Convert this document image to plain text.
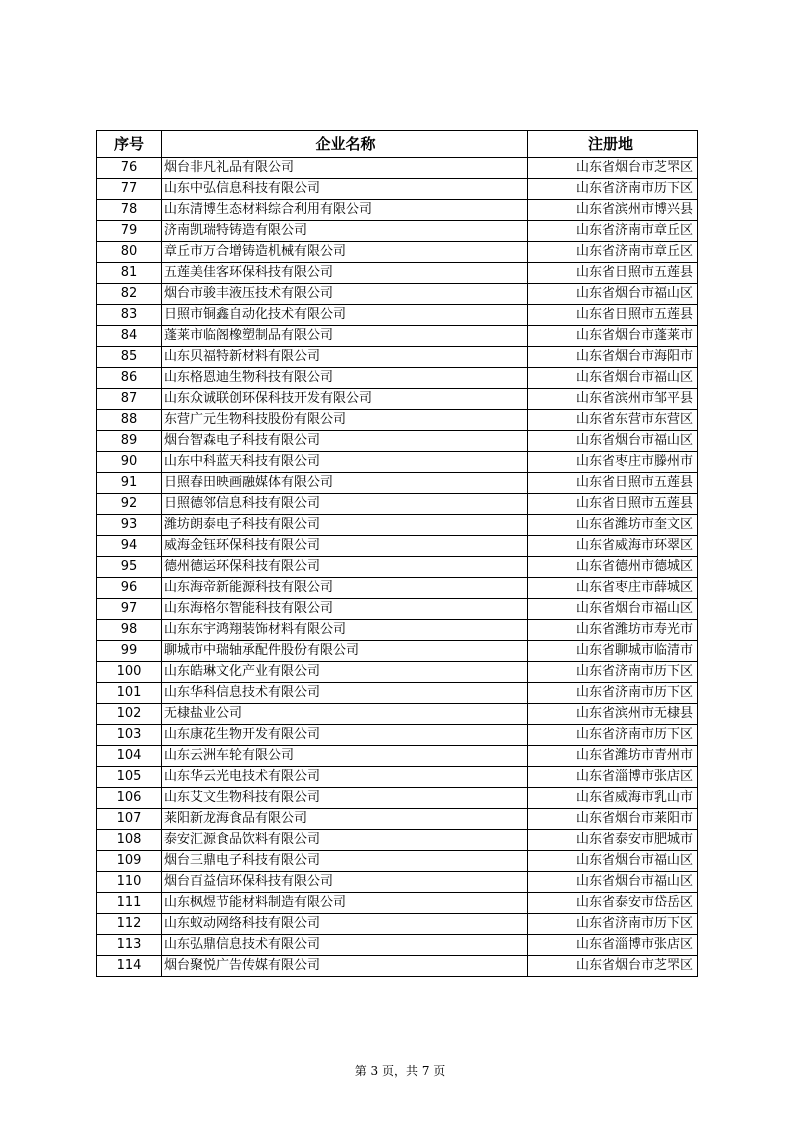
序号	企业名称	注册地
76	烟台非凡礼品有限公司	山东省烟台市芝罘区
77	山东中弘信息科技有限公司	山东省济南市历下区
78	山东清博生态材料综合利用有限公司	山东省滨州市博兴县
79	济南凯瑞特铸造有限公司	山东省济南市章丘区
80	章丘市万合增铸造机械有限公司	山东省济南市章丘区
81	五莲美佳客环保科技有限公司	山东省日照市五莲县
82	烟台市骏丰液压技术有限公司	山东省烟台市福山区
83	日照市铜鑫自动化技术有限公司	山东省日照市五莲县
84	蓬莱市临阁橡塑制品有限公司	山东省烟台市蓬莱市
85	山东贝福特新材料有限公司	山东省烟台市海阳市
86	山东格恩迪生物科技有限公司	山东省烟台市福山区
87	山东众诚联创环保科技开发有限公司	山东省滨州市邹平县
88	东营广元生物科技股份有限公司	山东省东营市东营区
89	烟台智森电子科技有限公司	山东省烟台市福山区
90	山东中科蓝天科技有限公司	山东省枣庄市滕州市
91	日照春田映画融媒体有限公司	山东省日照市五莲县
92	日照德邻信息科技有限公司	山东省日照市五莲县
93	潍坊朗泰电子科技有限公司	山东省潍坊市奎文区
94	威海金钰环保科技有限公司	山东省威海市环翠区
95	德州德运环保科技有限公司	山东省德州市德城区
96	山东海帝新能源科技有限公司	山东省枣庄市薛城区
97	山东海格尔智能科技有限公司	山东省烟台市福山区
98	山东东宇鸿翔装饰材料有限公司	山东省潍坊市寿光市
99	聊城市中瑞轴承配件股份有限公司	山东省聊城市临清市
100	山东皓琳文化产业有限公司	山东省济南市历下区
101	山东华科信息技术有限公司	山东省济南市历下区
102	无棣盐业公司	山东省滨州市无棣县
103	山东康花生物开发有限公司	山东省济南市历下区
104	山东云洲车轮有限公司	山东省潍坊市青州市
105	山东华云光电技术有限公司	山东省淄博市张店区
106	山东艾文生物科技有限公司	山东省威海市乳山市
107	莱阳新龙海食品有限公司	山东省烟台市莱阳市
108	泰安汇源食品饮料有限公司	山东省泰安市肥城市
109	烟台三鼎电子科技有限公司	山东省烟台市福山区
110	烟台百益信环保科技有限公司	山东省烟台市福山区
111	山东枫煜节能材料制造有限公司	山东省泰安市岱岳区
112	山东蚁动网络科技有限公司	山东省济南市历下区
113	山东弘鼎信息技术有限公司	山东省淄博市张店区
114	烟台聚悦广告传媒有限公司	山东省烟台市芝罘区
第 3 页，共 7 页
